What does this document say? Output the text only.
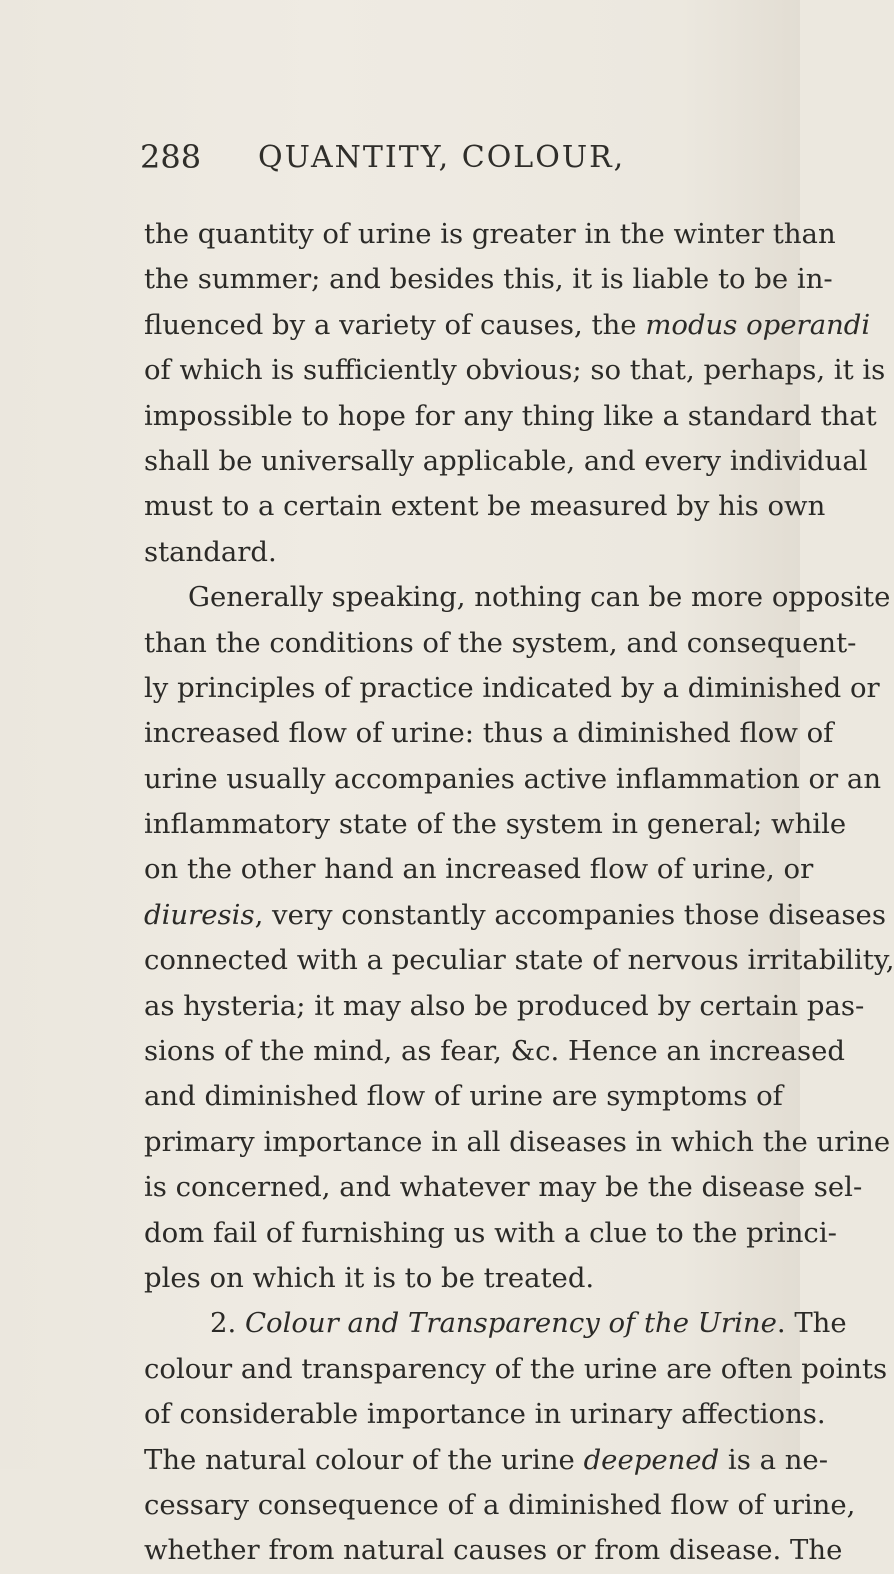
288 QUANTITY, COLOUR,
the quantity of urine is greater in the winter than
the summer; and besides this, it is liable to be in-
fluenced by a variety of causes, the modus operandi
of which is sufficiently obvious; so that, perhaps, it is
impossible to hope for any thing like a standard that
shall be universally applicable, and every individual
must to a certain extent be measured by his own
standard.
Generally speaking, nothing can be more opposite
than the conditions of the system, and consequent-
ly principles of practice indicated by a diminished or
increased flow of urine: thus a diminished flow of
urine usually accompanies active inflammation or an
inflammatory state of the system in general; while
on the other hand an increased flow of urine, or
diuresis, very constantly accompanies those diseases
connected with a peculiar state of nervous irritability,
as hysteria; it may also be produced by certain pas-
sions of the mind, as fear, &c. Hence an increased
and diminished flow of urine are symptoms of
primary importance in all diseases in which the urine
is concerned, and whatever may be the disease sel-
dom fail of furnishing us with a clue to the princi-
ples on which it is to be treated.
2. Colour and Transparency of the Urine. The
colour and transparency of the urine are often points
of considerable importance in urinary affections.
The natural colour of the urine deepened is a ne-
cessary consequence of a diminished flow of urine,
whether from natural causes or from disease. The
